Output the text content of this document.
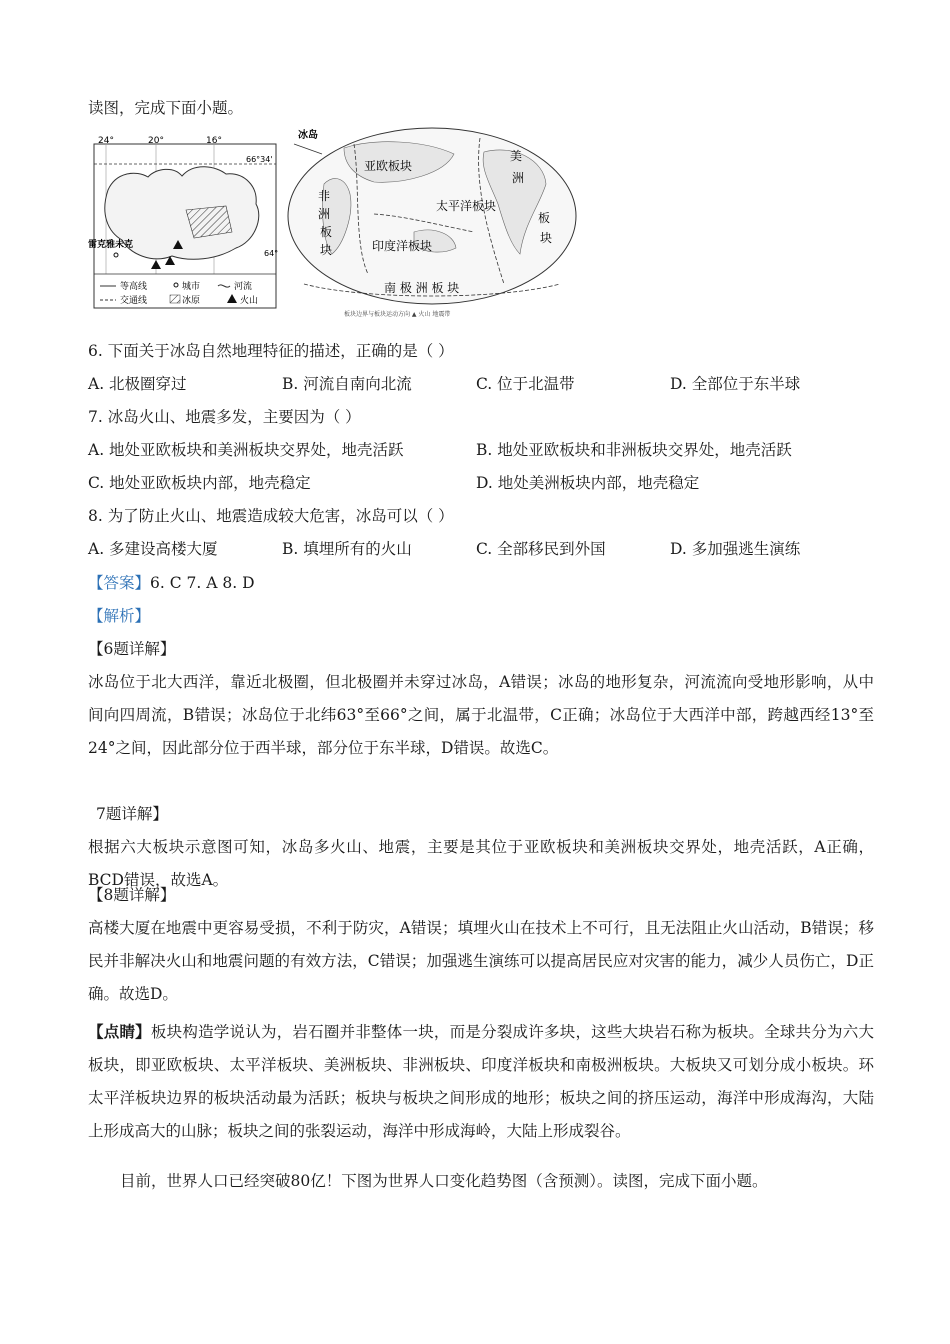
读图，完成下面小题。
24°	20°	16°
66°34'
64°
雷克雅未克
等高线	城市	河流
交通线	冰原	火山
冰岛
亚欧板块
美
洲
板
块
非
洲
板
块
太平洋板块
印度洋板块
南 极 洲 板 块
板块边界与板块运动方向 ▲ 火山 地震带
6. 下面关于冰岛自然地理特征的描述，正确的是（ ）
A. 北极圈穿过	B. 河流自南向北流	C. 位于北温带	D. 全部位于东半球
7. 冰岛火山、地震多发，主要因为（ ）
A. 地处亚欧板块和美洲板块交界处，地壳活跃	B. 地处亚欧板块和非洲板块交界处，地壳活跃
C. 地处亚欧板块内部，地壳稳定	D. 地处美洲板块内部，地壳稳定
8. 为了防止火山、地震造成较大危害，冰岛可以（ ）
A. 多建设高楼大厦	B. 填埋所有的火山	C. 全部移民到外国	D. 多加强逃生演练
【答案】6. C 7. A 8. D
【解析】
【6题详解】
冰岛位于北大西洋，靠近北极圈，但北极圈并未穿过冰岛，A错误；冰岛的地形复杂，河流流向受地形影响，从中间向四周流，B错误；冰岛位于北纬63°至66°之间，属于北温带，C正确；冰岛位于大西洋中部，跨越西经13°至24°之间，因此部分位于西半球，部分位于东半球，D错误。故选C。
7题详解】
根据六大板块示意图可知，冰岛多火山、地震，主要是其位于亚欧板块和美洲板块交界处，地壳活跃，A正确，BCD错误，故选A。
【8题详解】
高楼大厦在地震中更容易受损，不利于防灾，A错误；填埋火山在技术上不可行，且无法阻止火山活动，B错误；移民并非解决火山和地震问题的有效方法，C错误；加强逃生演练可以提高居民应对灾害的能力，减少人员伤亡，D正确。故选D。
【点睛】板块构造学说认为，岩石圈并非整体一块，而是分裂成许多块，这些大块岩石称为板块。全球共分为六大板块，即亚欧板块、太平洋板块、美洲板块、非洲板块、印度洋板块和南极洲板块。大板块又可划分成小板块。环太平洋板块边界的板块活动最为活跃；板块与板块之间形成的地形；板块之间的挤压运动，海洋中形成海沟，大陆上形成高大的山脉；板块之间的张裂运动，海洋中形成海岭，大陆上形成裂谷。
目前，世界人口已经突破80亿！下图为世界人口变化趋势图（含预测）。读图，完成下面小题。
